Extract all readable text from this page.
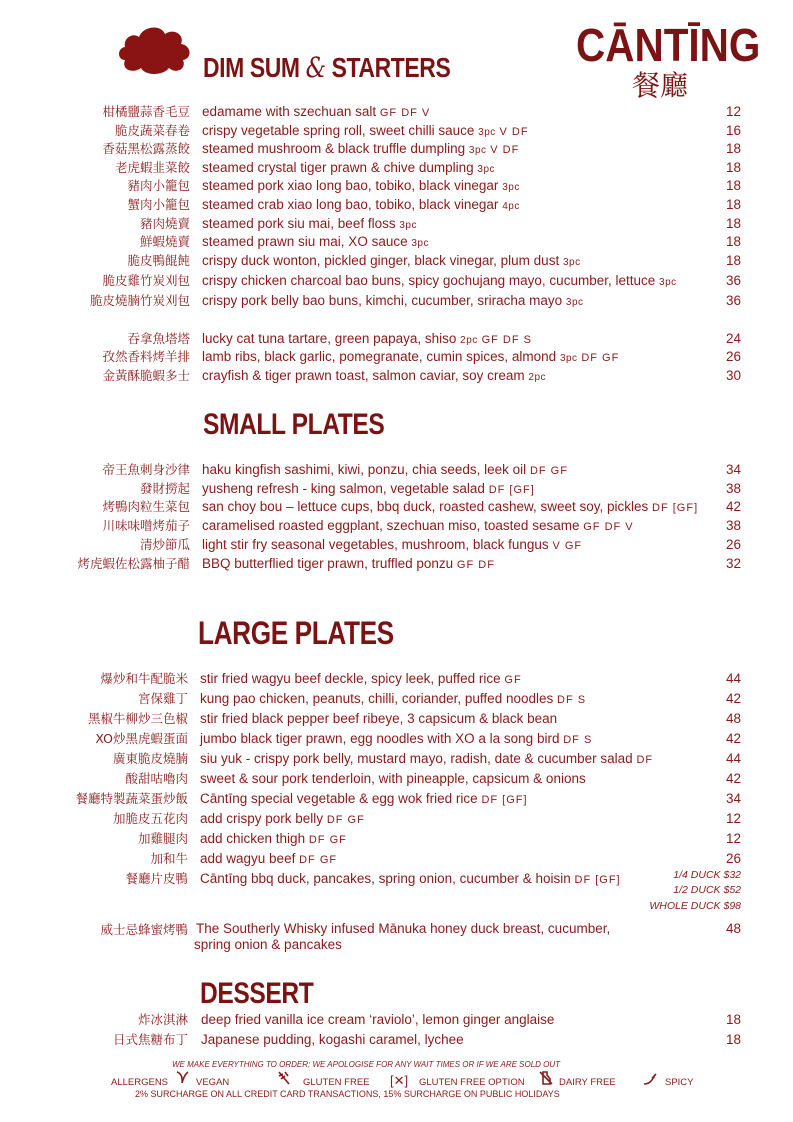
CĀNTĪNG
餐廳
DIM SUM & STARTERS
SMALL PLATES
LARGE PLATES
DESSERT
柑橘鹽蒜香毛豆 edamame with szechuan salt GF DF V	12
脆皮蔬菜春卷 crispy vegetable spring roll, sweet chilli sauce 3pc V DF	16
香菇黑松露蒸餃 steamed mushroom & black truffle dumpling 3pc V DF	18
老虎蝦韭菜餃 steamed crystal tiger prawn & chive dumpling 3pc	18
豬肉小籠包 steamed pork xiao long bao, tobiko, black vinegar 3pc	18
蟹肉小籠包 steamed crab xiao long bao, tobiko, black vinegar 4pc	18
豬肉燒賣 steamed pork siu mai, beef floss 3pc	18
鮮蝦燒賣 steamed prawn siu mai, XO sauce 3pc	18
脆皮鴨餛飩 crispy duck wonton, pickled ginger, black vinegar, plum dust 3pc	18
脆皮雞竹炭刈包 crispy chicken charcoal bao buns, spicy gochujang mayo, cucumber, lettuce 3pc	36
脆皮燒腩竹炭刈包 crispy pork belly bao buns, kimchi, cucumber, sriracha mayo 3pc	36
吞拿魚塔塔 lucky cat tuna tartare, green papaya, shiso 2pc GF DF S	24
孜然香料烤羊排 lamb ribs, black garlic, pomegranate, cumin spices, almond 3pc DF GF	26
金黃酥脆蝦多士 crayfish & tiger prawn toast, salmon caviar, soy cream 2pc	30
帝王魚刺身沙律 haku kingfish sashimi, kiwi, ponzu, chia seeds, leek oil DF GF	34
發財撈起 yusheng refresh - king salmon, vegetable salad DF [GF]	38
烤鴨肉粒生菜包 san choy bou – lettuce cups, bbq duck, roasted cashew, sweet soy, pickles DF [GF] 42
川味味噌烤茄子 caramelised roasted eggplant, szechuan miso, toasted sesame GF DF V	38
清炒節瓜 light stir fry seasonal vegetables, mushroom, black fungus V GF	26
烤虎蝦佐松露柚子醋 BBQ butterflied tiger prawn, truffled ponzu GF DF	32
爆炒和牛配脆米 stir fried wagyu beef deckle, spicy leek, puffed rice GF	44
宮保雞丁 kung pao chicken, peanuts, chilli, coriander, puffed noodles DF S	42
黑椒牛柳炒三色椒 stir fried black pepper beef ribeye, 3 capsicum & black bean	48
XO炒黑虎蝦蛋面 jumbo black tiger prawn, egg noodles with XO a la song bird DF S	42
廣東脆皮燒腩 siu yuk - crispy pork belly, mustard mayo, radish, date & cucumber salad DF	44
酸甜咕嚕肉 sweet & sour pork tenderloin, with pineapple, capsicum & onions	42
餐廳特製蔬菜蛋炒飯 Cāntīng special vegetable & egg wok fried rice DF [GF]	34
加脆皮五花肉 add crispy pork belly DF GF	12
加雞腿肉 add chicken thigh DF GF	12
加和牛 add wagyu beef DF GF	26
餐廳片皮鴨 Cāntīng bbq duck, pancakes, spring onion, cucumber & hoisin DF [GF]	1/4 DUCK $32
1/2 DUCK $52
WHOLE DUCK $98
威士忌蜂蜜烤鴨 The Southerly Whisky infused Mānuka honey duck breast, cucumber,
spring onion & pancakes
48
炸冰淇淋 deep fried vanilla ice cream ‘raviolo’, lemon ginger anglaise	18
日式焦糖布丁 Japanese pudding, kogashi caramel, lychee	18
WE MAKE EVERYTHING TO ORDER; WE APOLOGISE FOR ANY WAIT TIMES OR IF WE ARE SOLD OUT
ALLERGENS	VEGAN	GLUTEN FREE [✕] GLUTEN FREE OPTION	DAIRY FREE	SPICY
2% SURCHARGE ON ALL CREDIT CARD TRANSACTIONS, 15% SURCHARGE ON PUBLIC HOLIDAYS
